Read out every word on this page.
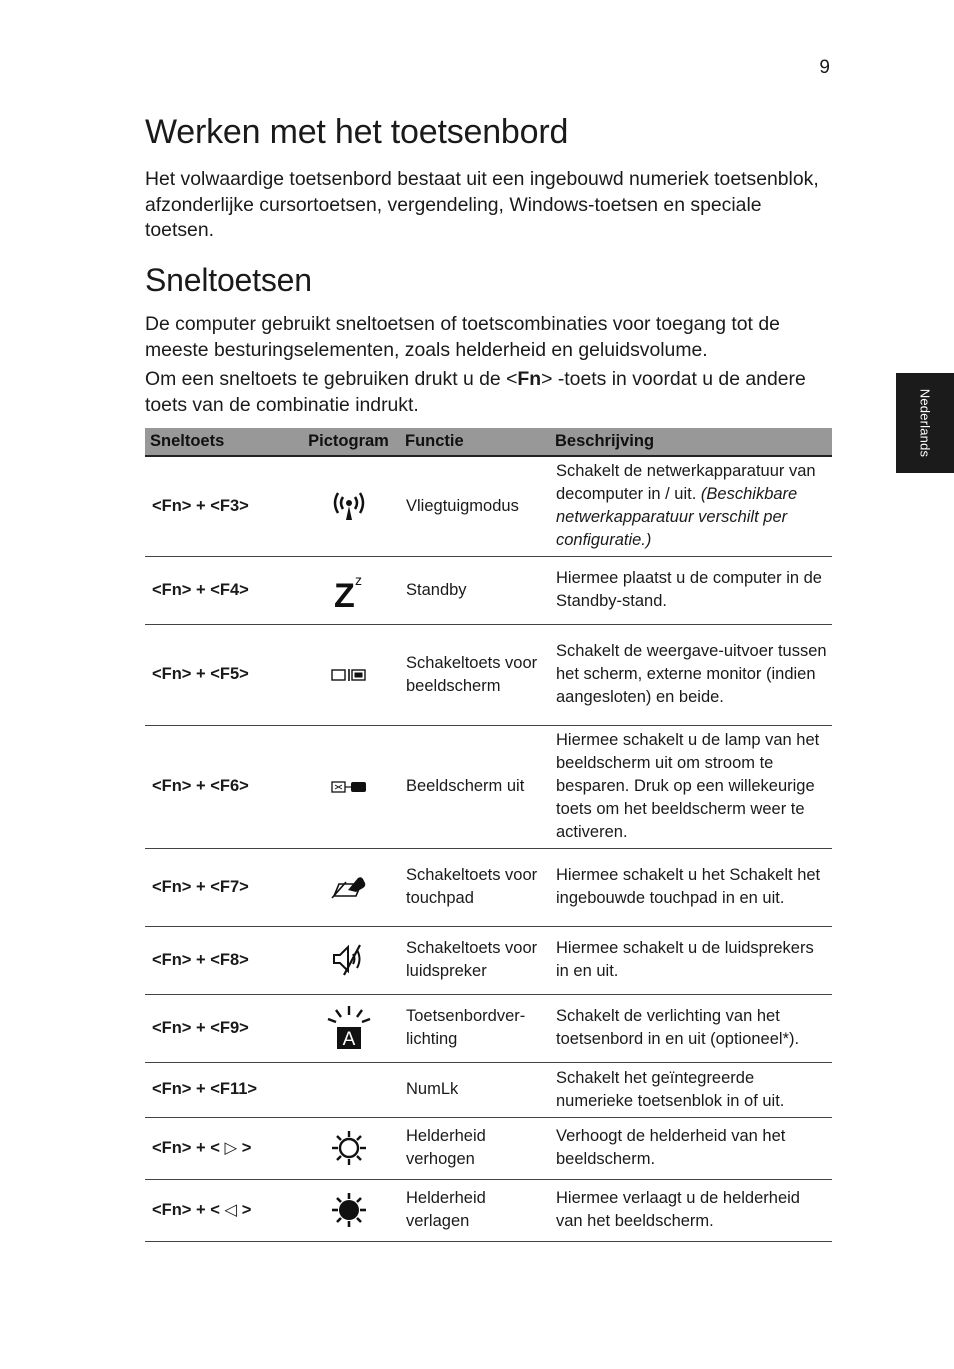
9
Nederlands
Werken met het toetsenbord

Het volwaardige toetsenbord bestaat uit een ingebouwd numeriek toetsenblok, afzonderlijke cursortoetsen, vergendeling, Windows-toetsen en speciale toetsen.

Sneltoetsen

De computer gebruikt sneltoetsen of toetscombinaties voor toegang tot de meeste besturingselementen, zoals helderheid en geluidsvolume.

Om een sneltoets te gebruiken drukt u de <Fn> -toets in voordat u de andere toets van de combinatie indrukt.

Sneltoets	Pictogram	Functie	Beschrijving
<Fn> + <F3>		Vliegtuigmodus	Schakelt de netwerkapparatuur van decomputer in / uit. (Beschikbare netwerkapparatuur verschilt per configuratie.)
<Fn> + <F4>	Z z	Standby	Hiermee plaatst u de computer in de Standby-stand.
<Fn> + <F5>		Schakeltoets voor beeldscherm	Schakelt de weergave-uitvoer tussen het scherm, externe monitor (indien aangesloten) en beide.
<Fn> + <F6>		Beeldscherm uit	Hiermee schakelt u de lamp van het beeldscherm uit om stroom te besparen. Druk op een willekeurige toets om het beeldscherm weer te activeren.
<Fn> + <F7>		Schakeltoets voor touchpad	Hiermee schakelt u het Schakelt het ingebouwde touchpad in en uit.
<Fn> + <F8>		Schakeltoets voor luidspreker	Hiermee schakelt u de luidsprekers in en uit.
<Fn> + <F9>	A	Toetsenbordver-lichting	Schakelt de verlichting van het toetsenbord in en uit (optioneel*).
<Fn> + <F11>		NumLk	Schakelt het geïntegreerde numerieke toetsenblok in of uit.
<Fn> + < ▷ >		Helderheid verhogen	Verhoogt de helderheid van het beeldscherm.
<Fn> + < ◁ >		Helderheid verlagen	Hiermee verlaagt u de helderheid van het beeldscherm.
